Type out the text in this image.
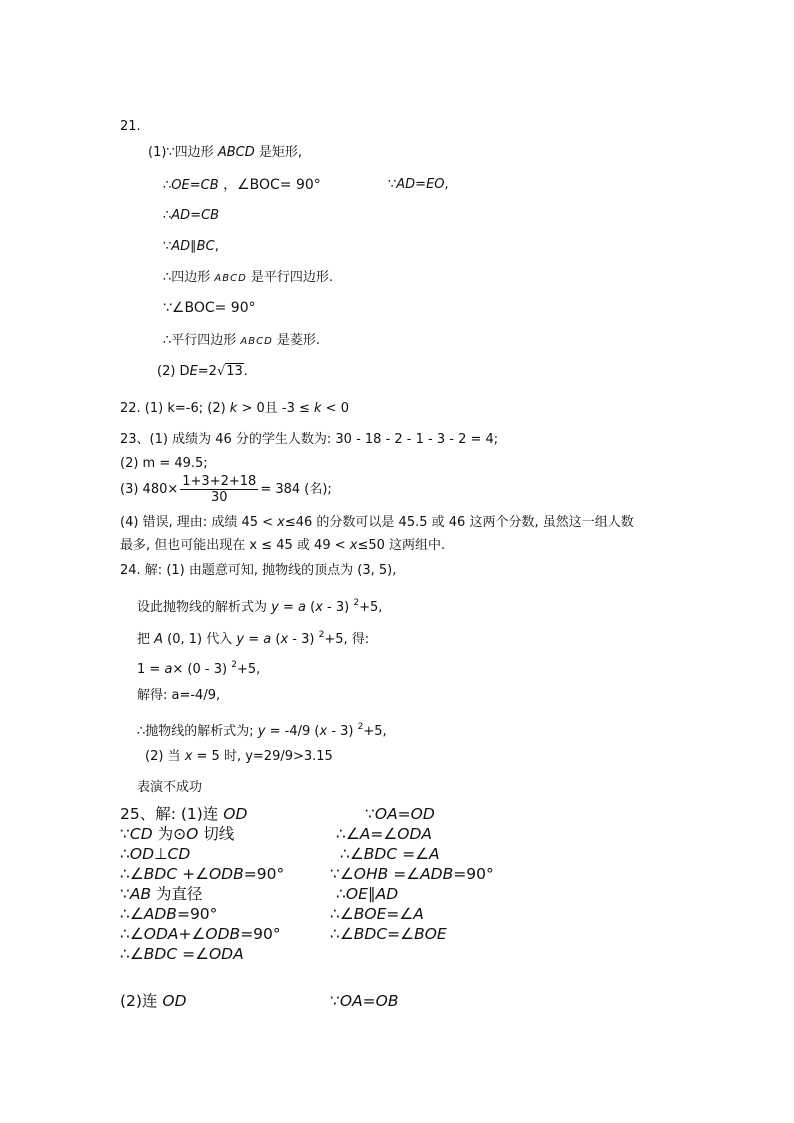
21.
(1)∵四边形 ABCD 是矩形,
∴OE=CB ，∠BOC= 90°	∵AD=EO,
∴AD=CB
∵AD∥BC,
∴四边形 ABCD 是平行四边形.
∵∠BOC= 90°
∴平行四边形 ABCD 是菱形.
(2) DE=2√13.
22. (1) k=-6; (2) k > 0且 -3 ≤ k < 0
23、(1) 成绩为 46 分的学生人数为: 30 - 18 - 2 - 1 - 3 - 2 = 4;
(2) m = 49.5;
(3) $480\times \frac{1+3+2+18}{30} = 384$ (名);
(4) 错误, 理由: 成绩 45 < x≤46 的分数可以是 45.5 或 46 这两个分数, 虽然这一组人数
最多, 但也可能出现在 x ≤ 45 或 49 < x≤50 这两组中.
24. 解: (1) 由题意可知, 抛物线的顶点为 (3, 5),
设此抛物线的解析式为 y = a (x - 3) $^2$+5,
把 A (0, 1) 代入 y = a (x - 3) $^2$+5, 得:
1 = a× (0 - 3) $^2$+5,
解得: a=-4/9,
∴抛物线的解析式为; y = -4/9 (x - 3) $^2$+5,
(2) 当 x = 5 时, y=29/9>3.15
表演不成功
25、解: (1)连 OD
∵CD 为⊙O 切线
∴OD⊥CD
∴∠BDC +∠ODB=90°
∵AB 为直径
∴∠ADB=90°
∴∠ODA+∠ODB=90°
∴∠BDC =∠ODA
∵OA=OD
∴∠A=∠ODA
∴∠BDC =∠A
∵∠OHB =∠ADB=90°
∴OE∥AD
∴∠BOE=∠A
∴∠BDC=∠BOE
(2)连 OD	∵OA=OB
